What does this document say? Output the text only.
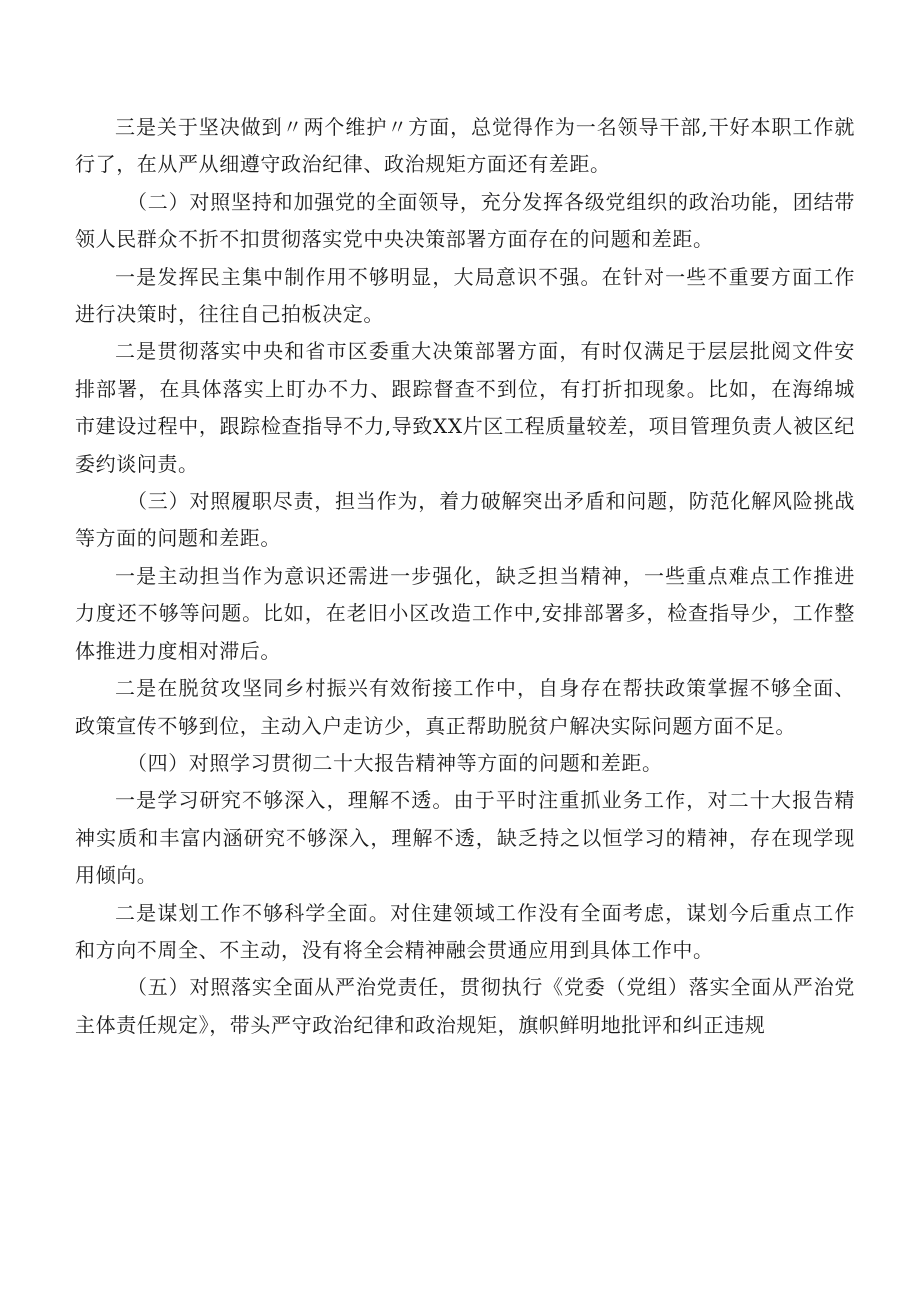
三是关于坚决做到〃两个维护〃方面，总觉得作为一名领导干部,干好本职工作就行了，在从严从细遵守政治纪律、政治规矩方面还有差距。

（二）对照坚持和加强党的全面领导，充分发挥各级党组织的政治功能，团结带领人民群众不折不扣贯彻落实党中央决策部署方面存在的问题和差距。

一是发挥民主集中制作用不够明显，大局意识不强。在针对一些不重要方面工作进行决策时，往往自己拍板决定。

二是贯彻落实中央和省市区委重大决策部署方面，有时仅满足于层层批阅文件安排部署，在具体落实上盯办不力、跟踪督查不到位，有打折扣现象。比如，在海绵城市建设过程中，跟踪检查指导不力,导致XX片区工程质量较差，项目管理负责人被区纪委约谈问责。

（三）对照履职尽责，担当作为，着力破解突出矛盾和问题，防范化解风险挑战等方面的问题和差距。

一是主动担当作为意识还需进一步强化，缺乏担当精神，一些重点难点工作推进力度还不够等问题。比如，在老旧小区改造工作中,安排部署多，检查指导少，工作整体推进力度相对滞后。

二是在脱贫攻坚同乡村振兴有效衔接工作中，自身存在帮扶政策掌握不够全面、政策宣传不够到位，主动入户走访少，真正帮助脱贫户解决实际问题方面不足。

（四）对照学习贯彻二十大报告精神等方面的问题和差距。

一是学习研究不够深入，理解不透。由于平时注重抓业务工作，对二十大报告精神实质和丰富内涵研究不够深入，理解不透，缺乏持之以恒学习的精神，存在现学现用倾向。

二是谋划工作不够科学全面。对住建领域工作没有全面考虑，谋划今后重点工作和方向不周全、不主动，没有将全会精神融会贯通应用到具体工作中。

（五）对照落实全面从严治党责任，贯彻执行《党委（党组）落实全面从严治党主体责任规定》，带头严守政治纪律和政治规矩，旗帜鲜明地批评和纠正违规
